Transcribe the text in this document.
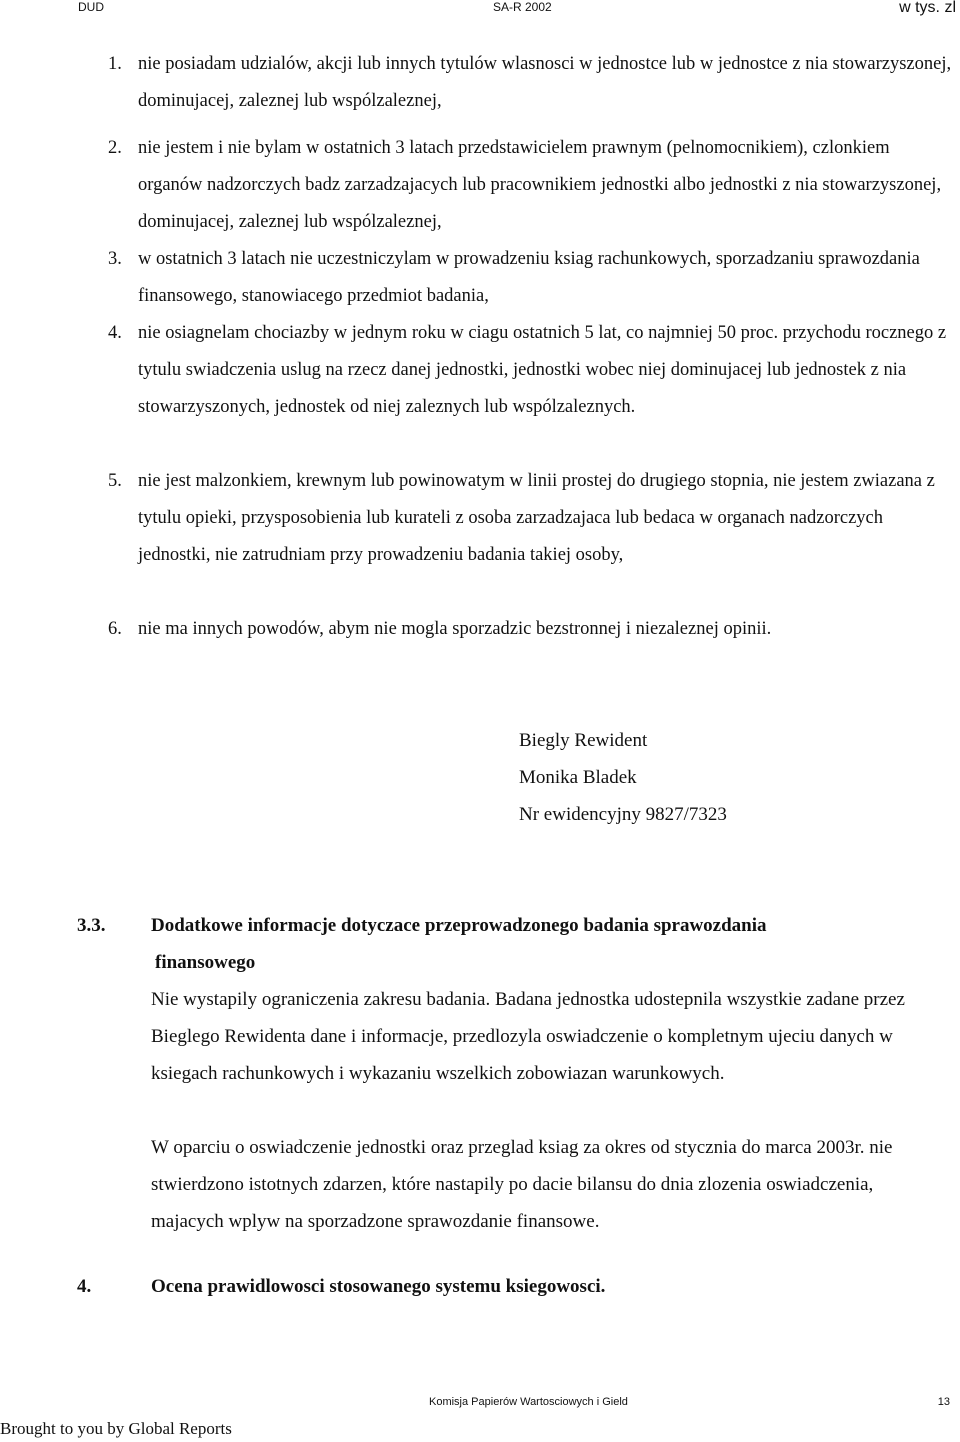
DUD	SA-R 2002	w tys. zl
1. nie posiadam udzialów, akcji lub innych tytulów wlasnosci w jednostce lub w jednostce z nia stowarzyszonej, dominujacej, zaleznej lub wspólzaleznej,
2. nie jestem i nie bylam w ostatnich 3 latach przedstawicielem prawnym (pelnomocnikiem), czlonkiem organów nadzorczych badz zarzadzajacych lub pracownikiem jednostki albo jednostki z nia stowarzyszonej, dominujacej, zaleznej lub wspólzaleznej,
3. w ostatnich 3 latach nie uczestniczylam w prowadzeniu ksiag rachunkowych, sporzadzaniu sprawozdania finansowego, stanowiacego przedmiot badania,
4. nie osiagnelam chociazby w jednym roku w ciagu ostatnich 5 lat, co najmniej 50 proc. przychodu rocznego z tytulu swiadczenia uslug na rzecz danej jednostki, jednostki wobec niej dominujacej lub jednostek z nia stowarzyszonych, jednostek od niej zaleznych lub wspólzaleznych.
5. nie jest malzonkiem, krewnym lub powinowatym w linii prostej do drugiego stopnia, nie jestem zwiazana z tytulu opieki, przysposobienia lub kurateli z osoba zarzadzajaca lub bedaca w organach nadzorczych jednostki, nie zatrudniam przy prowadzeniu badania takiej osoby,
6. nie ma innych powodów, abym nie mogla sporzadzic bezstronnej i niezaleznej opinii.
Biegly Rewident
Monika Bladek
Nr ewidencyjny 9827/7323
3.3. Dodatkowe informacje dotyczace przeprowadzonego badania sprawozdania
finansowego
Nie wystapily ograniczenia zakresu badania. Badana jednostka udostepnila wszystkie zadane przez Bieglego Rewidenta dane i informacje, przedlozyla oswiadczenie o kompletnym ujeciu danych w ksiegach rachunkowych i wykazaniu wszelkich zobowiazan warunkowych.
W oparciu o oswiadczenie jednostki oraz przeglad ksiag za okres od stycznia do marca 2003r. nie stwierdzono istotnych zdarzen, które nastapily po dacie bilansu do dnia zlozenia oswiadczenia, majacych wplyw na sporzadzone sprawozdanie finansowe.
4.	Ocena prawidlowosci stosowanego systemu ksiegowosci.
Komisja Papierów Wartosciowych i Gield	13
Brought to you by Global Reports
